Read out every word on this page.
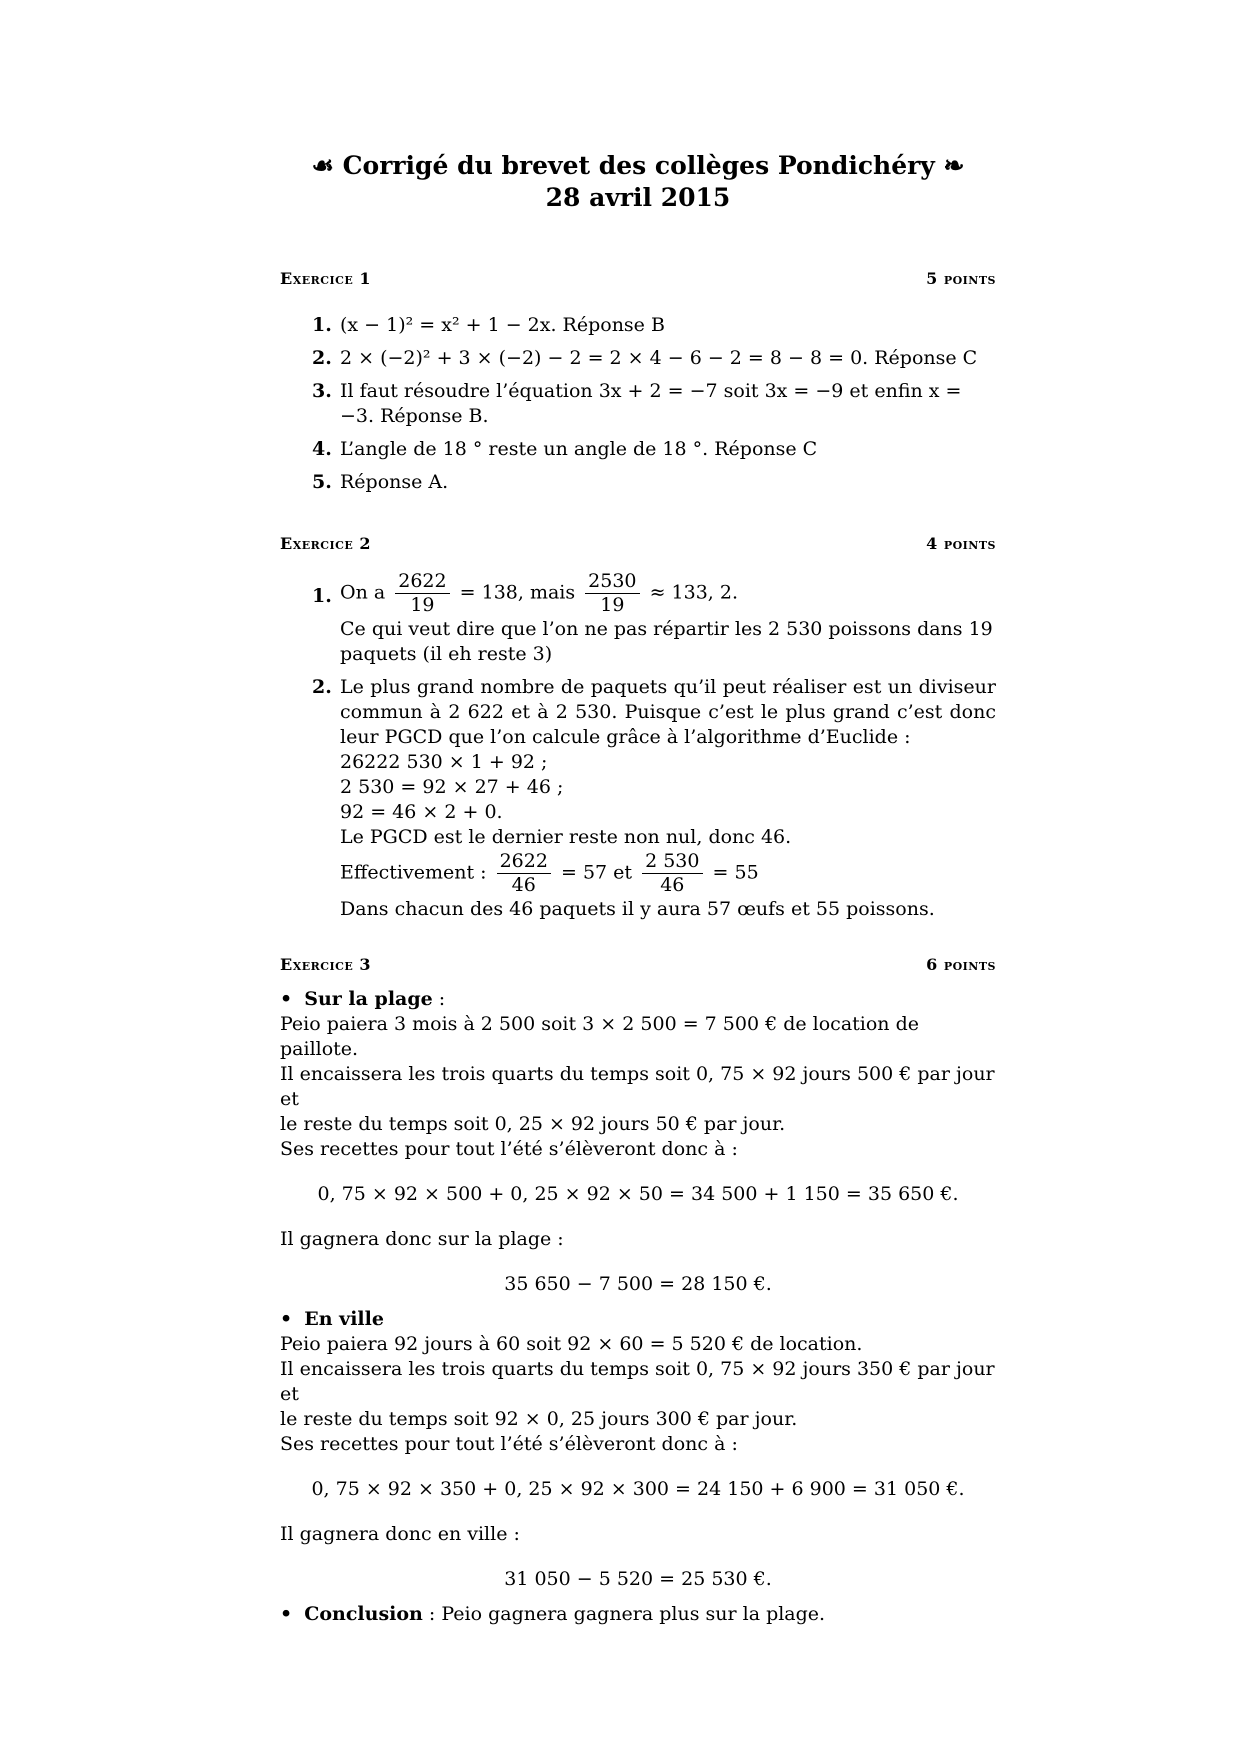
☙ Corrigé du brevet des collèges Pondichéry ❧
28 avril 2015
Exercice 1	5 points
1. (x − 1)² = x² + 1 − 2x. Réponse B
2. 2 × (−2)² + 3 × (−2) − 2 = 2 × 4 − 6 − 2 = 8 − 8 = 0. Réponse C
3. Il faut résoudre l’équation 3x + 2 = −7 soit 3x = −9 et enfin x = −3. Réponse B.
4. L’angle de 18 ° reste un angle de 18 °. Réponse C
5. Réponse A.
Exercice 2	4 points
1. On a $\frac{2622}{19} = 138$, mais $\frac{2530}{19} \approx 133$, 2.
Ce qui veut dire que l’on ne pas répartir les 2 530 poissons dans 19 paquets (il eh reste 3)
2. Le plus grand nombre de paquets qu’il peut réaliser est un diviseur commun à 2 622 et à 2 530. Puisque c’est le plus grand c’est donc leur PGCD que l’on calcule grâce à l’algorithme d’Euclide :
26222 530 × 1 + 92 ;
2 530 = 92 × 27 + 46 ;
92 = 46 × 2 + 0.
Le PGCD est le dernier reste non nul, donc 46.
Effectivement : $\frac{2622}{46} = 57$ et $\frac{2 530}{46} = 55$
Dans chacun des 46 paquets il y aura 57 œufs et 55 poissons.
Exercice 3	6 points
• Sur la plage :
Peio paiera 3 mois à 2 500 soit 3 × 2 500 = 7 500 € de location de paillote.
Il encaissera les trois quarts du temps soit 0, 75 × 92 jours 500 € par jour et
le reste du temps soit 0, 25 × 92 jours 50 € par jour.
Ses recettes pour tout l’été s’élèveront donc à :
0, 75 × 92 × 500 + 0, 25 × 92 × 50 = 34 500 + 1 150 = 35 650 €.
Il gagnera donc sur la plage :
35 650 − 7 500 = 28 150 €.
• En ville
Peio paiera 92 jours à 60 soit 92 × 60 = 5 520 € de location.
Il encaissera les trois quarts du temps soit 0, 75 × 92 jours 350 € par jour et
le reste du temps soit 92 × 0, 25 jours 300 € par jour.
Ses recettes pour tout l’été s’élèveront donc à :
0, 75 × 92 × 350 + 0, 25 × 92 × 300 = 24 150 + 6 900 = 31 050 €.
Il gagnera donc en ville :
31 050 − 5 520 = 25 530 €.
• Conclusion : Peio gagnera gagnera plus sur la plage.
